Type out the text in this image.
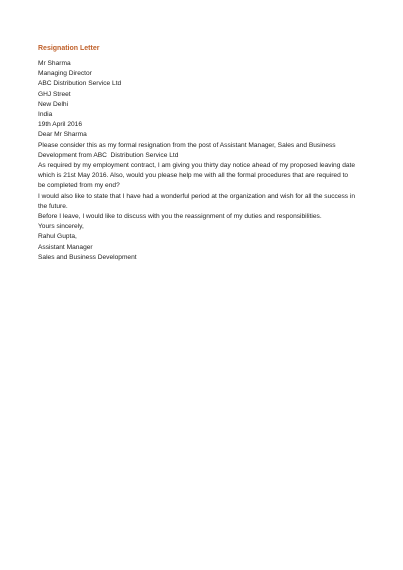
Resignation Letter
Mr Sharma
Managing Director
ABC Distribution Service Ltd
GHJ Street
New Delhi
India
19th April 2016
Dear Mr Sharma
Please consider this as my formal resignation from the post of Assistant Manager, Sales and Business
Development from ABC  Distribution Service Ltd
As required by my employment contract, I am giving you thirty day notice ahead of my proposed leaving date
which is 21st May 2016. Also, would you please help me with all the formal procedures that are required to
be completed from my end?
I would also like to state that I have had a wonderful period at the organization and wish for all the success in
the future.
Before I leave, I would like to discuss with you the reassignment of my duties and responsibilities.
Yours sincerely,
Rahul Gupta,
Assistant Manager
Sales and Business Development
